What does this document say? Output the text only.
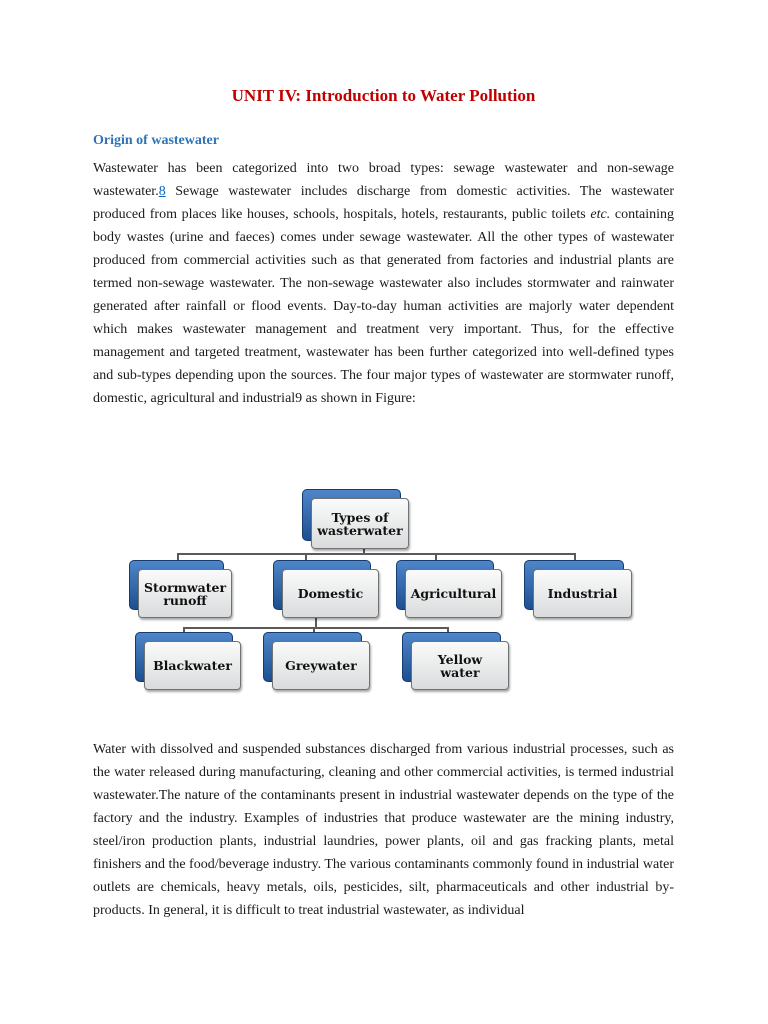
UNIT IV: Introduction to Water Pollution
Origin of wastewater

Wastewater has been categorized into two broad types: sewage wastewater and non-sewage wastewater.8 Sewage wastewater includes discharge from domestic activities. The wastewater produced from places like houses, schools, hospitals, hotels, restaurants, public toilets etc. containing body wastes (urine and faeces) comes under sewage wastewater. All the other types of wastewater produced from commercial activities such as that generated from factories and industrial plants are termed non-sewage wastewater. The non-sewage wastewater also includes stormwater and rainwater generated after rainfall or flood events. Day-to-day human activities are majorly water dependent which makes wastewater management and treatment very important. Thus, for the effective management and targeted treatment, wastewater has been further categorized into well-defined types and sub-types depending upon the sources. The four major types of wastewater are stormwater runoff, domestic, agricultural and industrial9 as shown in Figure:

Water with dissolved and suspended substances discharged from various industrial processes, such as the water released during manufacturing, cleaning and other commercial activities, is termed industrial wastewater.The nature of the contaminants present in industrial wastewater depends on the type of the factory and the industry. Examples of industries that produce wastewater are the mining industry, steel/iron production plants, industrial laundries, power plants, oil and gas fracking plants, metal finishers and the food/beverage industry. The various contaminants commonly found in industrial water outlets are chemicals, heavy metals, oils, pesticides, silt, pharmaceuticals and other industrial by-products. In general, it is difficult to treat industrial wastewater, as individual

Types of
wasterwater
Stormwater
runoff	Domestic	Agricultural	Industrial
Blackwater	Greywater	Yellow
water
